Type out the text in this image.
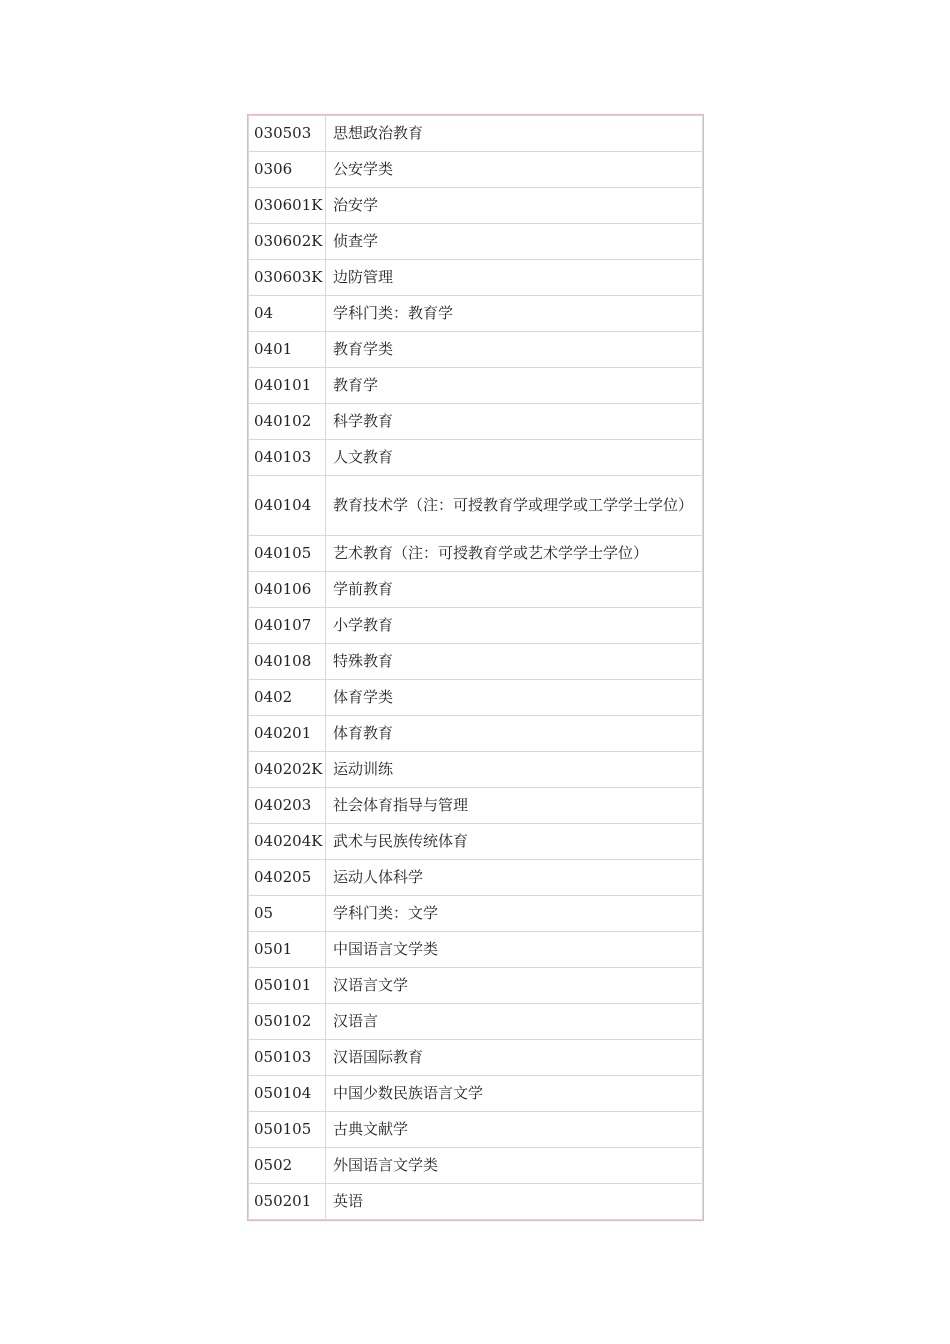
030503	思想政治教育
0306	公安学类
030601K	治安学
030602K	侦查学
030603K	边防管理
04	学科门类：教育学
0401	教育学类
040101	教育学
040102	科学教育
040103	人文教育
040104	教育技术学（注：可授教育学或理学或工学学士学位）
040105	艺术教育（注：可授教育学或艺术学学士学位）
040106	学前教育
040107	小学教育
040108	特殊教育
0402	体育学类
040201	体育教育
040202K	运动训练
040203	社会体育指导与管理
040204K	武术与民族传统体育
040205	运动人体科学
05	学科门类：文学
0501	中国语言文学类
050101	汉语言文学
050102	汉语言
050103	汉语国际教育
050104	中国少数民族语言文学
050105	古典文献学
0502	外国语言文学类
050201	英语
